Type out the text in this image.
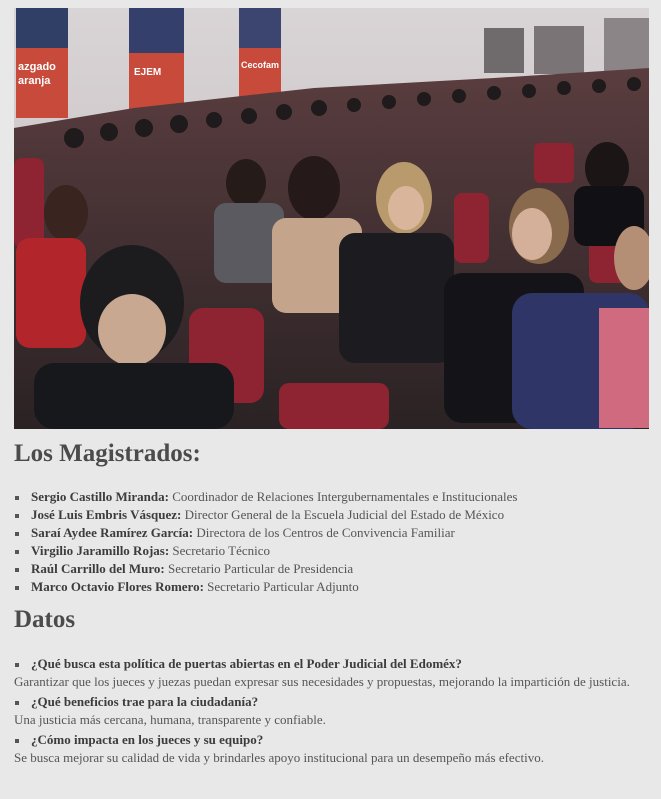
azgado
aranja
EJEM
Cecofam
Los Magistrados:
Sergio Castillo Miranda: Coordinador de Relaciones Intergubernamentales e Institucionales
José Luis Embris Vásquez: Director General de la Escuela Judicial del Estado de México
Saraí Aydee Ramírez García: Directora de los Centros de Convivencia Familiar
Virgilio Jaramillo Rojas: Secretario Técnico
Raúl Carrillo del Muro: Secretario Particular de Presidencia
Marco Octavio Flores Romero: Secretario Particular Adjunto
Datos
¿Qué busca esta política de puertas abiertas en el Poder Judicial del Edoméx?
Garantizar que los jueces y juezas puedan expresar sus necesidades y propuestas, mejorando la impartición de justicia.
¿Qué beneficios trae para la ciudadanía?
Una justicia más cercana, humana, transparente y confiable.
¿Cómo impacta en los jueces y su equipo?
Se busca mejorar su calidad de vida y brindarles apoyo institucional para un desempeño más efectivo.
